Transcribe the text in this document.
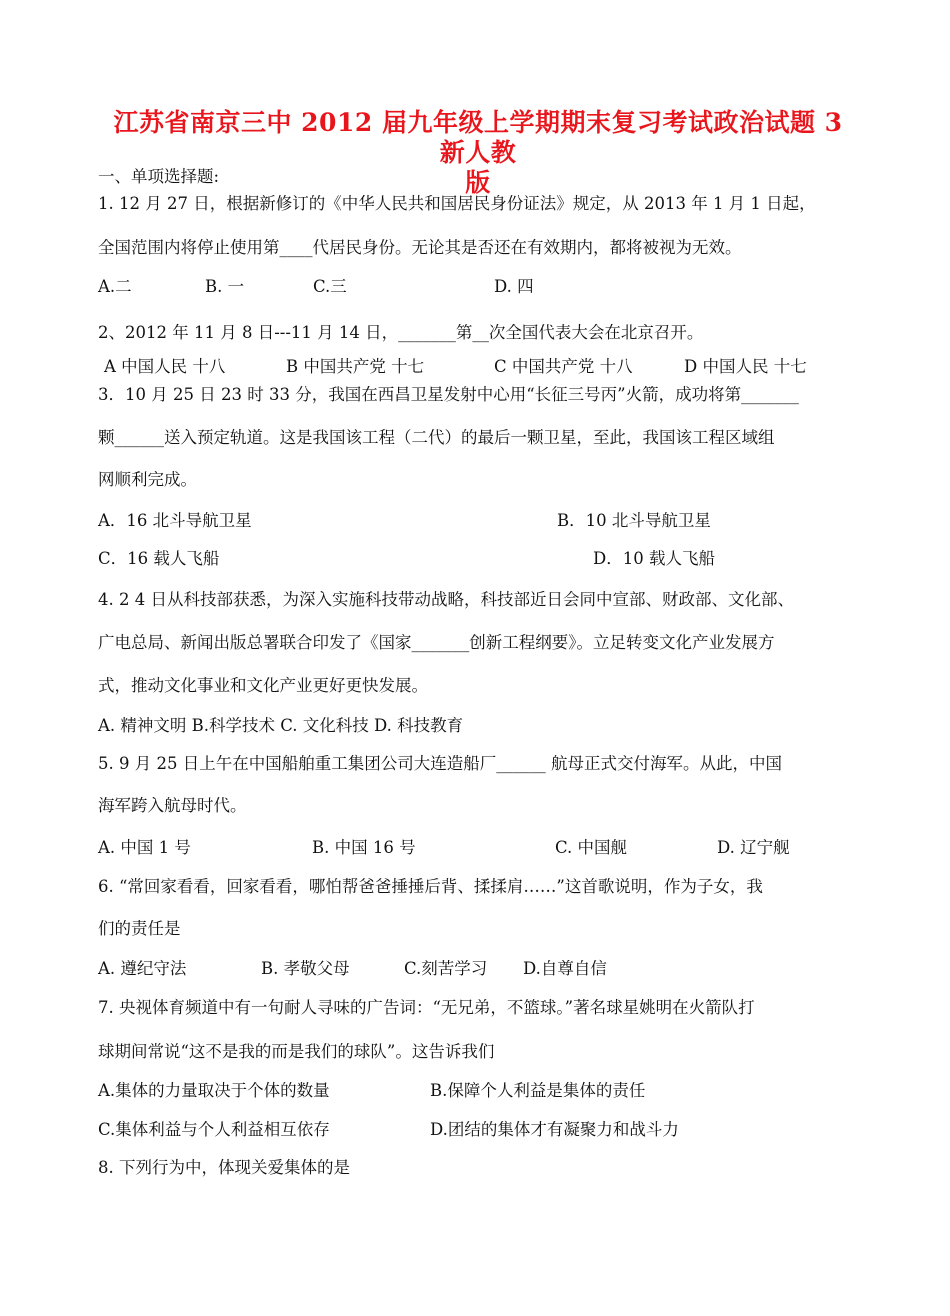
江苏省南京三中 2012 届九年级上学期期末复习考试政治试题 3 新人教
版
一、单项选择题:
1. 12 月 27 日，根据新修订的《中华人民共和国居民身份证法》规定，从 2013 年 1 月 1 日起，
全国范围内将停止使用第____代居民身份。无论其是否还在有效期内，都将被视为无效。
A.二	B. 一	C.三	D. 四
2、2012 年 11 月 8 日---11 月 14 日，_______第__次全国代表大会在北京召开。
A 中国人民 十八	B 中国共产党 十七	C 中国共产党 十八	D 中国人民 十七
3．10 月 25 日 23 时 33 分，我国在西昌卫星发射中心用“长征三号丙”火箭，成功将第_______
颗______送入预定轨道。这是我国该工程（二代）的最后一颗卫星，至此，我国该工程区域组
网顺利完成。
A．16 北斗导航卫星	B．10 北斗导航卫星
C．16 载人飞船	D．10 载人飞船
4. 2 4 日从科技部获悉，为深入实施科技带动战略，科技部近日会同中宣部、财政部、文化部、
广电总局、新闻出版总署联合印发了《国家_______创新工程纲要》。立足转变文化产业发展方
式，推动文化事业和文化产业更好更快发展。
A. 精神文明 B.科学技术 C. 文化科技 D. 科技教育
5. 9 月 25 日上午在中国船舶重工集团公司大连造船厂______ 航母正式交付海军。从此，中国
海军跨入航母时代。
A. 中国 1 号	B. 中国 16 号	C. 中国舰	D. 辽宁舰
6. “常回家看看，回家看看，哪怕帮爸爸捶捶后背、揉揉肩……”这首歌说明，作为子女，我
们的责任是
A. 遵纪守法	B. 孝敬父母	C.刻苦学习 D.自尊自信
7. 央视体育频道中有一句耐人寻味的广告词：“无兄弟，不篮球。”著名球星姚明在火箭队打
球期间常说“这不是我的而是我们的球队”。这告诉我们
A.集体的力量取决于个体的数量	B.保障个人利益是集体的责任
C.集体利益与个人利益相互依存	D.团结的集体才有凝聚力和战斗力
8. 下列行为中，体现关爱集体的是
